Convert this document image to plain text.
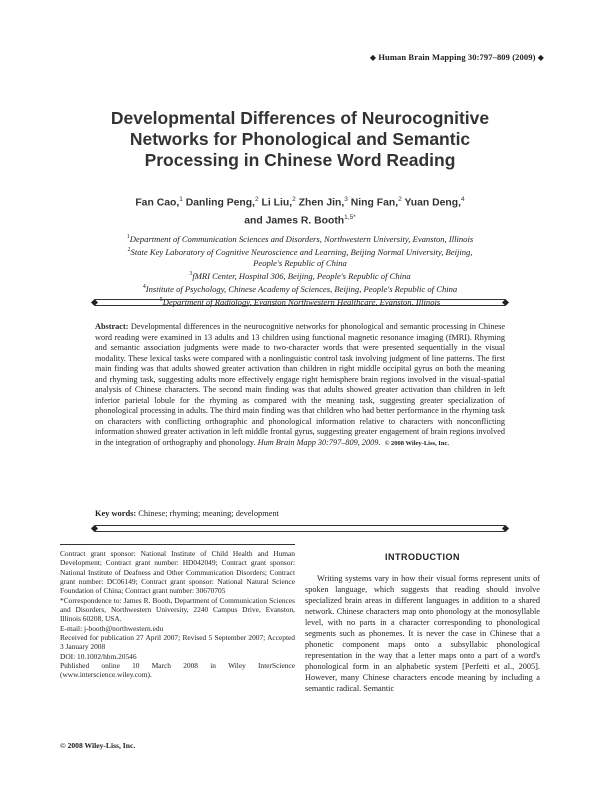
◆ Human Brain Mapping 30:797–809 (2009) ◆
Developmental Differences of Neurocognitive
Networks for Phonological and Semantic
Processing in Chinese Word Reading
Fan Cao,$^1$ Danling Peng,$^2$ Li Liu,$^2$ Zhen Jin,$^3$ Ning Fan,$^2$ Yuan Deng,$^4$
and James R. Booth$^{1,5*}$
$^1$Department of Communication Sciences and Disorders, Northwestern University, Evanston, Illinois
$^2$State Key Laboratory of Cognitive Neuroscience and Learning, Beijing Normal University, Beijing,
People's Republic of China
$^3$fMRI Center, Hospital 306, Beijing, People's Republic of China
$^4$Institute of Psychology, Chinese Academy of Sciences, Beijing, People's Republic of China
$^5$Department of Radiology, Evanston Northwestern Healthcare, Evanston, Illinois
Abstract: Developmental differences in the neurocognitive networks for phonological and semantic processing in Chinese word reading were examined in 13 adults and 13 children using functional magnetic resonance imaging (fMRI). Rhyming and semantic association judgments were made to two-character words that were presented sequentially in the visual modality. These lexical tasks were compared with a nonlinguistic control task involving judgment of line patterns. The first main finding was that adults showed greater activation than children in right middle occipital gyrus on both the meaning and rhyming task, suggesting adults more effectively engage right hemisphere brain regions involved in the visual-spatial analysis of Chinese characters. The second main finding was that adults showed greater activation than children in left inferior parietal lobule for the rhyming as compared with the meaning task, suggesting greater specialization of phonological processing in adults. The third main finding was that children who had better performance in the rhyming task on characters with conflicting orthographic and phonological information relative to characters with nonconflicting information showed greater activation in left middle frontal gyrus, suggesting greater engagement of brain regions involved in the integration of orthography and phonology. Hum Brain Mapp 30:797–809, 2009. © 2008 Wiley-Liss, Inc.
Key words: Chinese; rhyming; meaning; development

Contract grant sponsor: National Institute of Child Health and Human Development; Contract grant number: HD042049; Contract grant sponsor: National Institute of Deafness and Other Communication Disorders; Contract grant number: DC06149; Contract grant sponsor: National Natural Science Foundation of China; Contract grant number: 30670705

*Correspondence to: James R. Booth, Department of Communication Sciences and Disorders, Northwestern University, 2240 Campus Drive, Evanston, Illinois 60208, USA.

E-mail: j-booth@northwestern.edu

Received for publication 27 April 2007; Revised 5 September 2007; Accepted 3 January 2008

DOI: 10.1002/hbm.20546

Published online 10 March 2008 in Wiley InterScience (www.interscience.wiley.com).

© 2008 Wiley-Liss, Inc.
INTRODUCTION

Writing systems vary in how their visual forms represent units of spoken language, which suggests that reading should involve specialized brain areas in different languages in addition to a shared network. Chinese characters map onto phonology at the monosyllable level, with no parts in a character corresponding to phonological segments such as phonemes. It is never the case in Chinese that a phonetic component maps onto a subsyllabic phonological representation in the way that a letter maps onto a part of a word's phonological form in an alphabetic system [Perfetti et al., 2005]. However, many Chinese characters encode meaning by including a semantic radical. Semantic
